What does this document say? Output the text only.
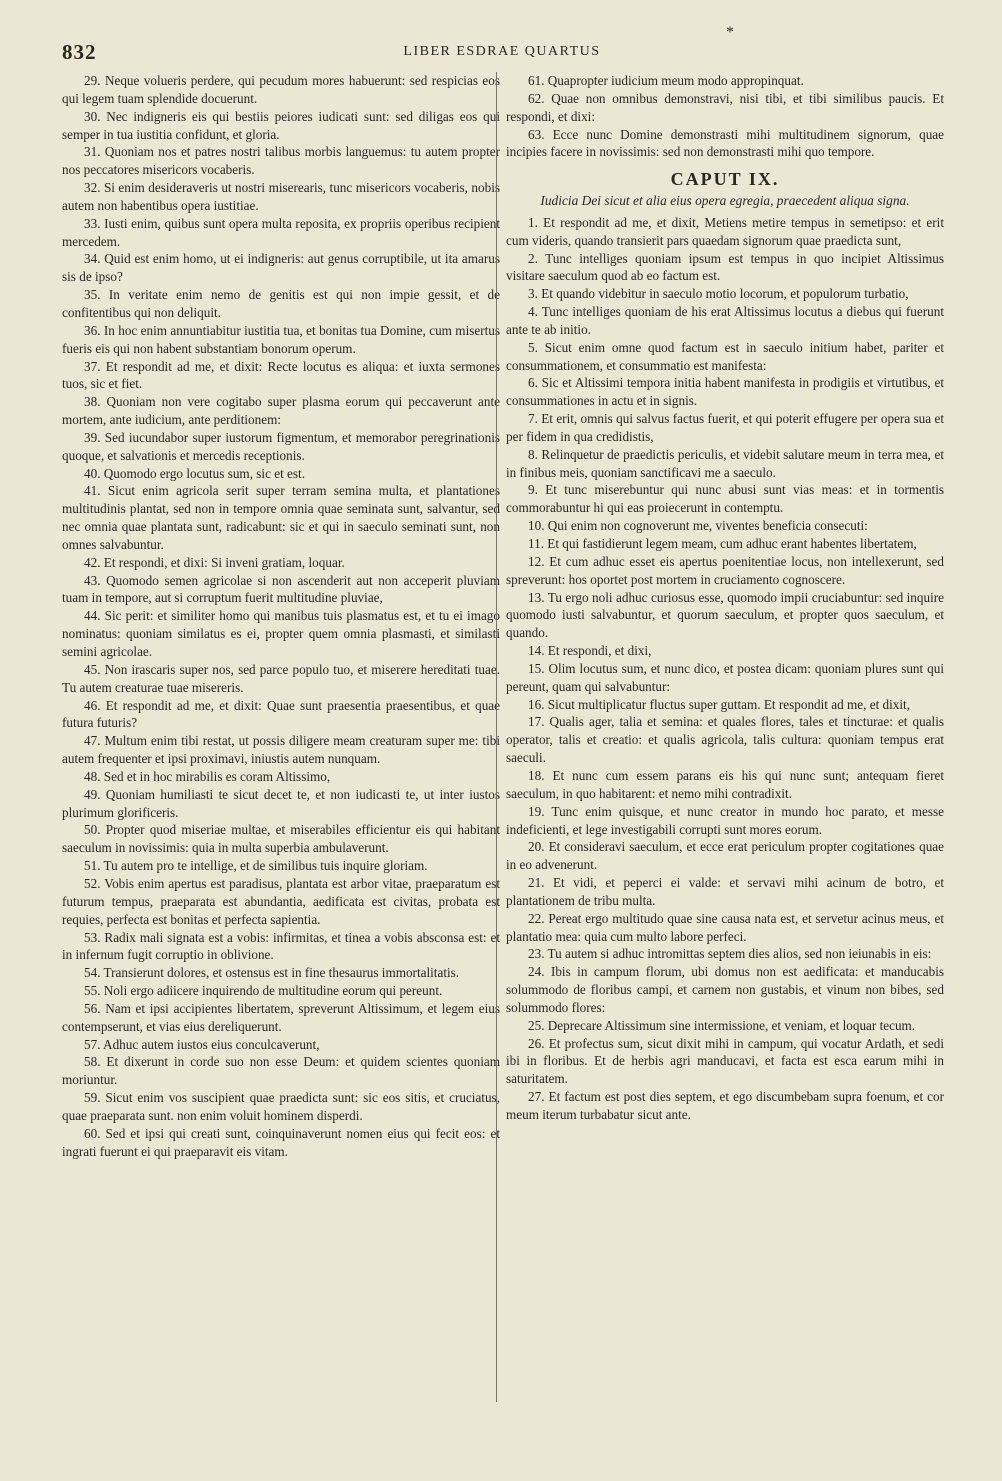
832	LIBER ESDRAE QUARTUS
*

29. Neque volueris perdere, qui pecudum mores habuerunt: sed respicias eos qui legem tuam splendide docuerunt.

30. Nec indigneris eis qui bestiis peiores iudicati sunt: sed diligas eos qui semper in tua iustitia confidunt, et gloria.

31. Quoniam nos et patres nostri talibus morbis languemus: tu autem propter nos peccatores misericors vocaberis.

32. Si enim desideraveris ut nostri miserearis, tunc misericors vocaberis, nobis autem non habentibus opera iustitiae.

33. Iusti enim, quibus sunt opera multa reposita, ex propriis operibus recipient mercedem.

34. Quid est enim homo, ut ei indigneris: aut genus corruptibile, ut ita amarus sis de ipso?

35. In veritate enim nemo de genitis est qui non impie gessit, et de confitentibus qui non deliquit.

36. In hoc enim annuntiabitur iustitia tua, et bonitas tua Domine, cum misertus fueris eis qui non habent substantiam bonorum operum.

37. Et respondit ad me, et dixit: Recte locutus es aliqua: et iuxta sermones tuos, sic et fiet.

38. Quoniam non vere cogitabo super plasma eorum qui peccaverunt ante mortem, ante iudicium, ante perditionem:

39. Sed iucundabor super iustorum figmentum, et memorabor peregrinationis quoque, et salvationis et mercedis receptionis.

40. Quomodo ergo locutus sum, sic et est.

41. Sicut enim agricola serit super terram semina multa, et plantationes multitudinis plantat, sed non in tempore omnia quae seminata sunt, salvantur, sed nec omnia quae plantata sunt, radicabunt: sic et qui in saeculo seminati sunt, non omnes salvabuntur.

42. Et respondi, et dixi: Si inveni gratiam, loquar.

43. Quomodo semen agricolae si non ascenderit aut non acceperit pluviam tuam in tempore, aut si corruptum fuerit multitudine pluviae,

44. Sic perit: et similiter homo qui manibus tuis plasmatus est, et tu ei imago nominatus: quoniam similatus es ei, propter quem omnia plasmasti, et similasti semini agricolae.

45. Non irascaris super nos, sed parce populo tuo, et miserere hereditati tuae. Tu autem creaturae tuae misereris.

46. Et respondit ad me, et dixit: Quae sunt praesentia praesentibus, et quae futura futuris?

47. Multum enim tibi restat, ut possis diligere meam creaturam super me: tibi autem frequenter et ipsi proximavi, iniustis autem nunquam.

48. Sed et in hoc mirabilis es coram Altissimo,

49. Quoniam humiliasti te sicut decet te, et non iudicasti te, ut inter iustos plurimum glorificeris.

50. Propter quod miseriae multae, et miserabiles efficientur eis qui habitant saeculum in novissimis: quia in multa superbia ambulaverunt.

51. Tu autem pro te intellige, et de similibus tuis inquire gloriam.

52. Vobis enim apertus est paradisus, plantata est arbor vitae, praeparatum est futurum tempus, praeparata est abundantia, aedificata est civitas, probata est requies, perfecta est bonitas et perfecta sapientia.

53. Radix mali signata est a vobis: infirmitas, et tinea a vobis absconsa est: et in infernum fugit corruptio in oblivione.

54. Transierunt dolores, et ostensus est in fine thesaurus immortalitatis.

55. Noli ergo adiicere inquirendo de multitudine eorum qui pereunt.

56. Nam et ipsi accipientes libertatem, spreverunt Altissimum, et legem eius contempserunt, et vias eius dereliquerunt.

57. Adhuc autem iustos eius conculcaverunt,

58. Et dixerunt in corde suo non esse Deum: et quidem scientes quoniam moriuntur.

59. Sicut enim vos suscipient quae praedicta sunt: sic eos sitis, et cruciatus, quae praeparata sunt. non enim voluit hominem disperdi.

60. Sed et ipsi qui creati sunt, coinquinaverunt nomen eius qui fecit eos: et ingrati fuerunt ei qui praeparavit eis vitam.

61. Quapropter iudicium meum modo appropinquat.

62. Quae non omnibus demonstravi, nisi tibi, et tibi similibus paucis. Et respondi, et dixi:

63. Ecce nunc Domine demonstrasti mihi multitudinem signorum, quae incipies facere in novissimis: sed non demonstrasti mihi quo tempore.

CAPUT IX.
Iudicia Dei sicut et alia eius opera egregia, praecedent aliqua signa.

1. Et respondit ad me, et dixit, Metiens metire tempus in semetipso: et erit cum videris, quando transierit pars quaedam signorum quae praedicta sunt,

2. Tunc intelliges quoniam ipsum est tempus in quo incipiet Altissimus visitare saeculum quod ab eo factum est.

3. Et quando videbitur in saeculo motio locorum, et populorum turbatio,

4. Tunc intelliges quoniam de his erat Altissimus locutus a diebus qui fuerunt ante te ab initio.

5. Sicut enim omne quod factum est in saeculo initium habet, pariter et consummationem, et consummatio est manifesta:

6. Sic et Altissimi tempora initia habent manifesta in prodigiis et virtutibus, et consummationes in actu et in signis.

7. Et erit, omnis qui salvus factus fuerit, et qui poterit effugere per opera sua et per fidem in qua credidistis,

8. Relinquetur de praedictis periculis, et videbit salutare meum in terra mea, et in finibus meis, quoniam sanctificavi me a saeculo.

9. Et tunc miserebuntur qui nunc abusi sunt vias meas: et in tormentis commorabuntur hi qui eas proiecerunt in contemptu.

10. Qui enim non cognoverunt me, viventes beneficia consecuti:

11. Et qui fastidierunt legem meam, cum adhuc erant habentes libertatem,

12. Et cum adhuc esset eis apertus poenitentiae locus, non intellexerunt, sed spreverunt: hos oportet post mortem in cruciamento cognoscere.

13. Tu ergo noli adhuc curiosus esse, quomodo impii cruciabuntur: sed inquire quomodo iusti salvabuntur, et quorum saeculum, et propter quos saeculum, et quando.

14. Et respondi, et dixi,

15. Olim locutus sum, et nunc dico, et postea dicam: quoniam plures sunt qui pereunt, quam qui salvabuntur:

16. Sicut multiplicatur fluctus super guttam. Et respondit ad me, et dixit,

17. Qualis ager, talia et semina: et quales flores, tales et tincturae: et qualis operator, talis et creatio: et qualis agricola, talis cultura: quoniam tempus erat saeculi.

18. Et nunc cum essem parans eis his qui nunc sunt; antequam fieret saeculum, in quo habitarent: et nemo mihi contradixit.

19. Tunc enim quisque, et nunc creator in mundo hoc parato, et messe indeficienti, et lege investigabili corrupti sunt mores eorum.

20. Et consideravi saeculum, et ecce erat periculum propter cogitationes quae in eo advenerunt.

21. Et vidi, et peperci ei valde: et servavi mihi acinum de botro, et plantationem de tribu multa.

22. Pereat ergo multitudo quae sine causa nata est, et servetur acinus meus, et plantatio mea: quia cum multo labore perfeci.

23. Tu autem si adhuc intromittas septem dies alios, sed non ieiunabis in eis:

24. Ibis in campum florum, ubi domus non est aedificata: et manducabis solummodo de floribus campi, et carnem non gustabis, et vinum non bibes, sed solummodo flores:

25. Deprecare Altissimum sine intermissione, et veniam, et loquar tecum.

26. Et profectus sum, sicut dixit mihi in campum, qui vocatur Ardath, et sedi ibi in floribus. Et de herbis agri manducavi, et facta est esca earum mihi in saturitatem.

27. Et factum est post dies septem, et ego discumbebam supra foenum, et cor meum iterum turbabatur sicut ante.
